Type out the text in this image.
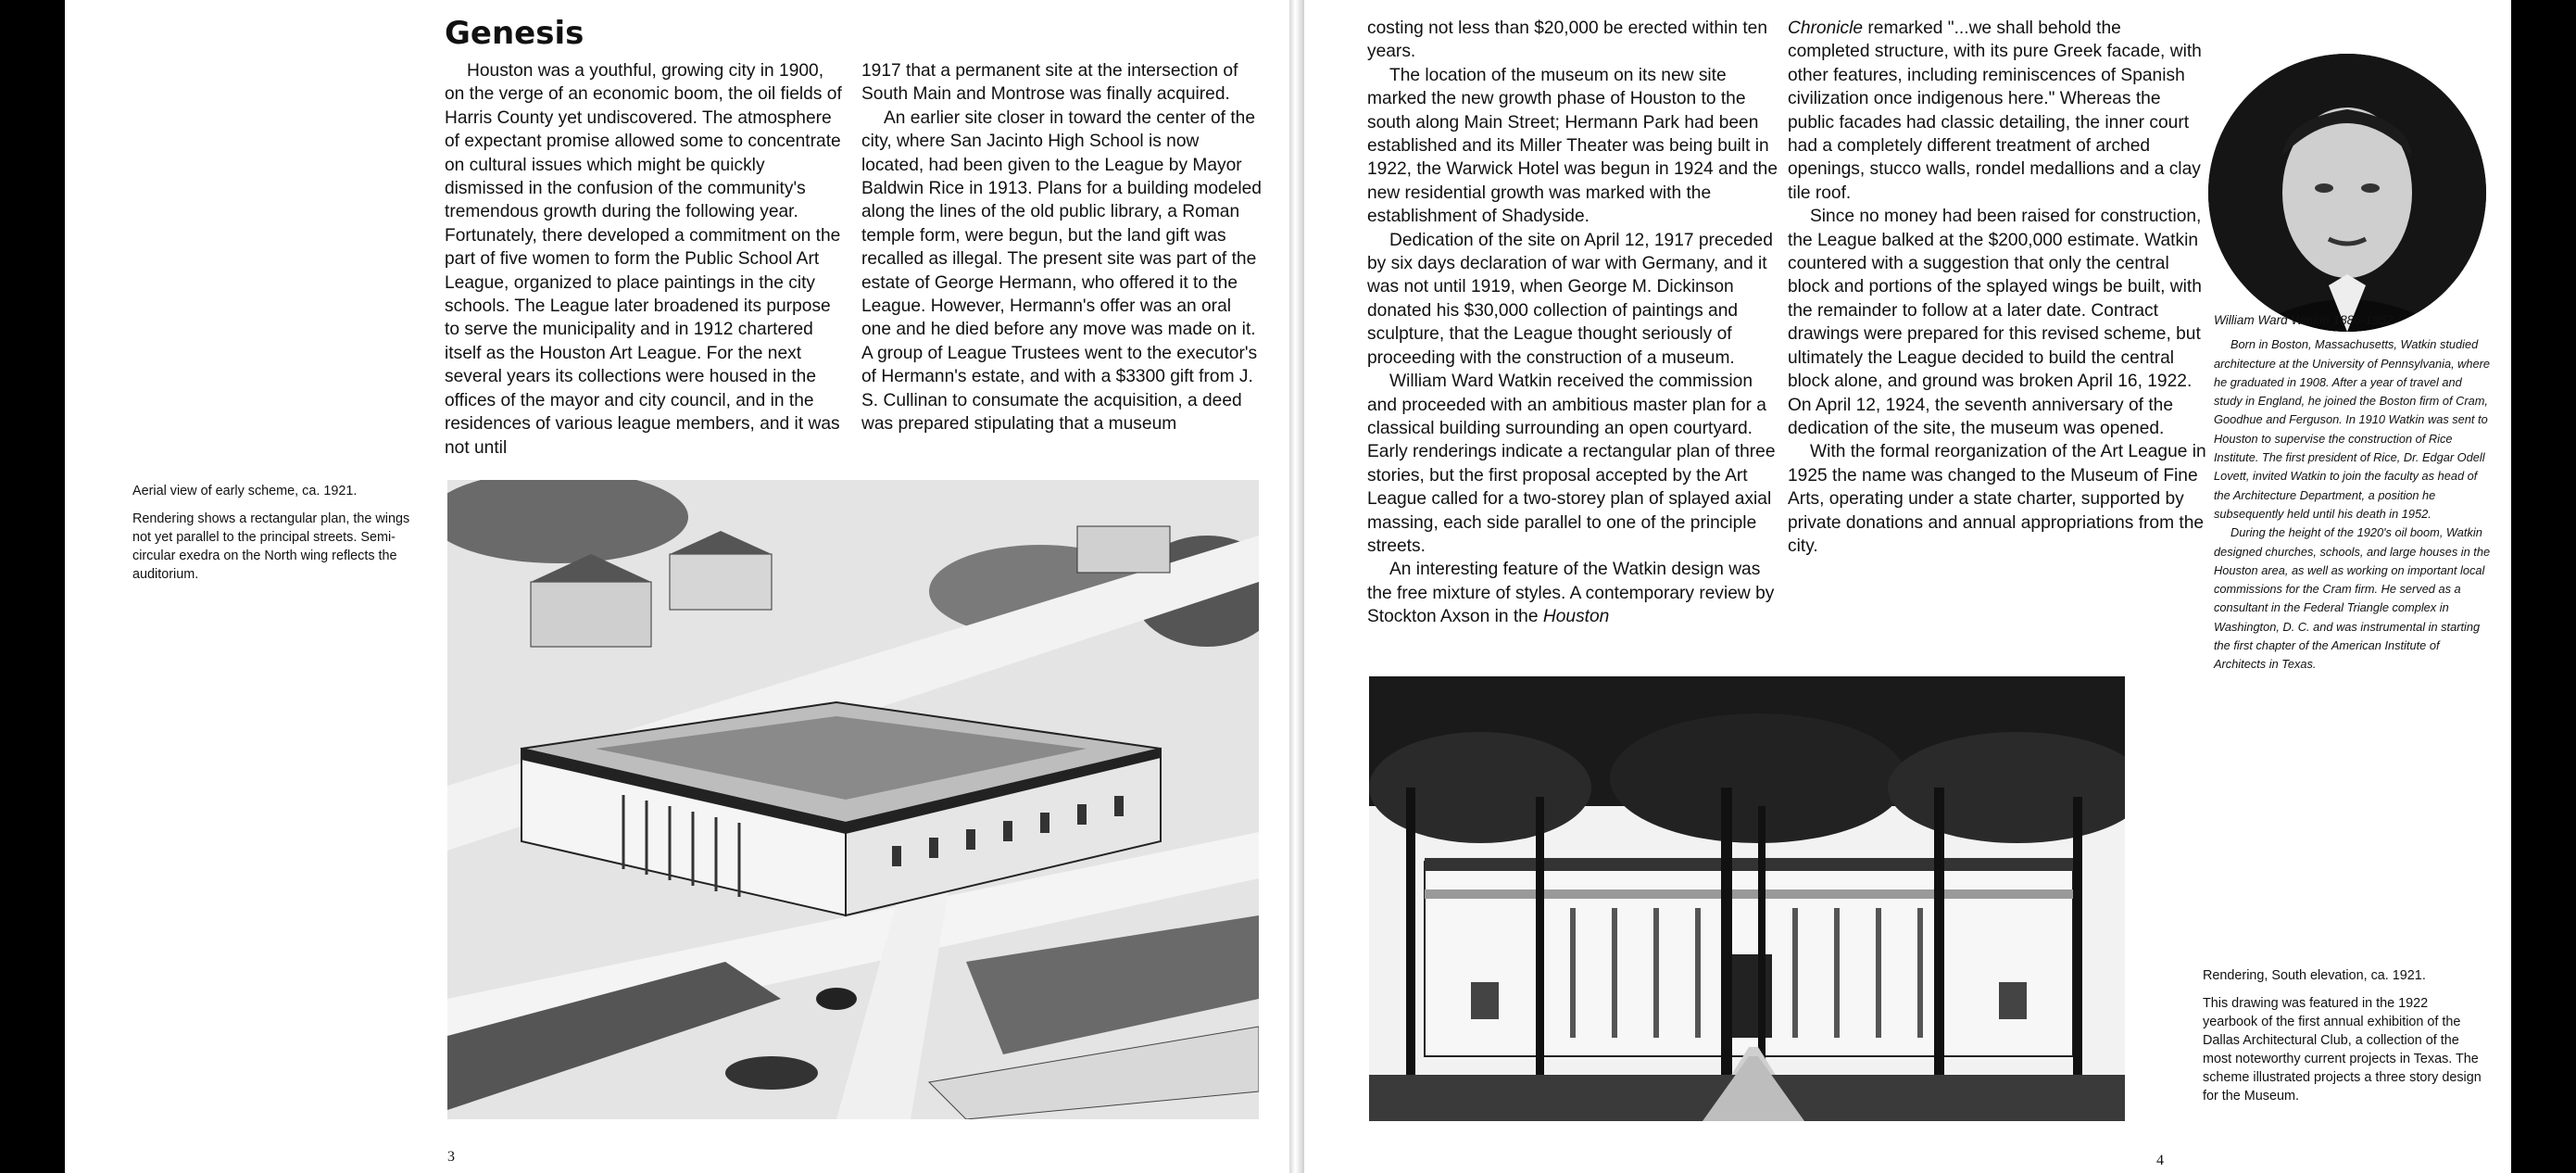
Genesis

Houston was a youthful, growing city in 1900, on the verge of an economic boom, the oil fields of Harris County yet undiscovered. The atmosphere of expectant promise allowed some to concentrate on cultural issues which might be quickly dismissed in the confusion of the community's tremendous growth during the following year. Fortunately, there developed a commitment on the part of five women to form the Public School Art League, organized to place paintings in the city schools. The League later broadened its purpose to serve the municipality and in 1912 chartered itself as the Houston Art League. For the next several years its collections were housed in the offices of the mayor and city council, and in the residences of various league members, and it was not until

1917 that a permanent site at the intersection of South Main and Montrose was finally acquired.

An earlier site closer in toward the center of the city, where San Jacinto High School is now located, had been given to the League by Mayor Baldwin Rice in 1913. Plans for a building modeled along the lines of the old public library, a Roman temple form, were begun, but the land gift was recalled as illegal. The present site was part of the estate of George Hermann, who offered it to the League. However, Hermann's offer was an oral one and he died before any move was made on it. A group of League Trustees went to the executor's of Hermann's estate, and with a $3300 gift from J. S. Cullinan to consumate the acquisition, a deed was prepared stipulating that a museum

Aerial view of early scheme, ca. 1921.

Rendering shows a rectangular plan, the wings not yet parallel to the principal streets. Semi-circular exedra on the North wing reflects the auditorium.

3

costing not less than $20,000 be erected within ten years.

The location of the museum on its new site marked the new growth phase of Houston to the south along Main Street; Hermann Park had been established and its Miller Theater was being built in 1922, the Warwick Hotel was begun in 1924 and the new residential growth was marked with the establishment of Shadyside.

Dedication of the site on April 12, 1917 preceded by six days declaration of war with Germany, and it was not until 1919, when George M. Dickinson donated his $30,000 collection of paintings and sculpture, that the League thought seriously of proceeding with the construction of a museum.

William Ward Watkin received the commission and proceeded with an ambitious master plan for a classical building surrounding an open courtyard. Early renderings indicate a rectangular plan of three stories, but the first proposal accepted by the Art League called for a two-storey plan of splayed axial massing, each side parallel to one of the principle streets.

An interesting feature of the Watkin design was the free mixture of styles. A contemporary review by Stockton Axson in the Houston

Chronicle remarked "...we shall behold the completed structure, with its pure Greek facade, with other features, including reminiscences of Spanish civilization once indigenous here." Whereas the public facades had classic detailing, the inner court had a completely different treatment of arched openings, stucco walls, rondel medallions and a clay tile roof.

Since no money had been raised for construction, the League balked at the $200,000 estimate. Watkin countered with a suggestion that only the central block and portions of the splayed wings be built, with the remainder to follow at a later date. Contract drawings were prepared for this revised scheme, but ultimately the League decided to build the central block alone, and ground was broken April 16, 1922. On April 12, 1924, the seventh anniversary of the dedication of the site, the museum was opened.

With the formal reorganization of the Art League in 1925 the name was changed to the Museum of Fine Arts, operating under a state charter, supported by private donations and annual appropriations from the city.

William Ward Watkin 1886-1952

Born in Boston, Massachusetts, Watkin studied architecture at the University of Pennsylvania, where he graduated in 1908. After a year of travel and study in England, he joined the Boston firm of Cram, Goodhue and Ferguson. In 1910 Watkin was sent to Houston to supervise the construction of Rice Institute. The first president of Rice, Dr. Edgar Odell Lovett, invited Watkin to join the faculty as head of the Architecture Department, a position he subsequently held until his death in 1952.

During the height of the 1920's oil boom, Watkin designed churches, schools, and large houses in the Houston area, as well as working on important local commissions for the Cram firm. He served as a consultant in the Federal Triangle complex in Washington, D. C. and was instrumental in starting the first chapter of the American Institute of Architects in Texas.

Rendering, South elevation, ca. 1921.

This drawing was featured in the 1922 yearbook of the first annual exhibition of the Dallas Architectural Club, a collection of the most noteworthy current projects in Texas. The scheme illustrated projects a three story design for the Museum.

4
